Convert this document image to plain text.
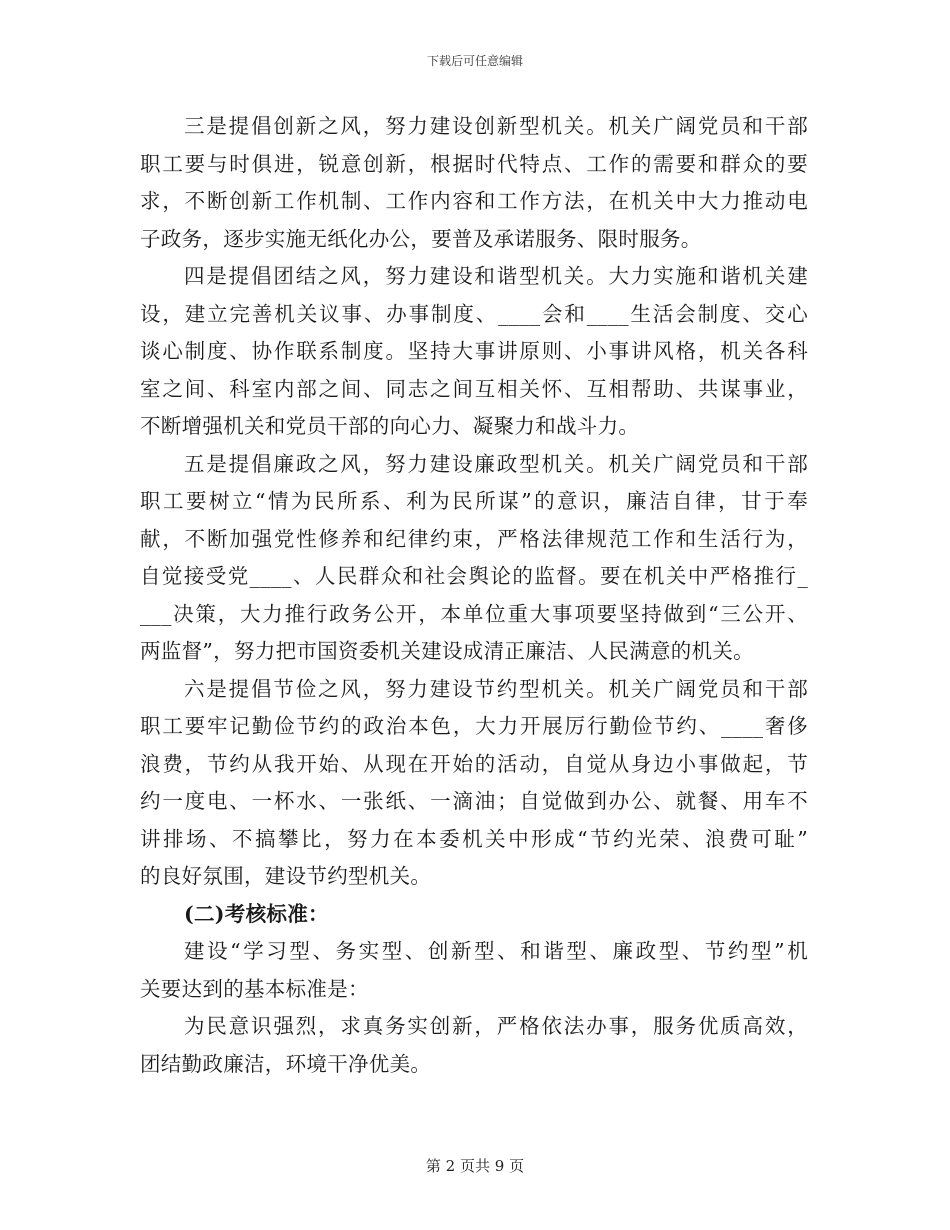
下载后可任意编辑

三是提倡创新之风，努力建设创新型机关。机关广阔党员和干部
职工要与时俱进，锐意创新，根据时代特点、工作的需要和群众的要
求，不断创新工作机制、工作内容和工作方法，在机关中大力推动电
子政务，逐步实施无纸化办公，要普及承诺服务、限时服务。

四是提倡团结之风，努力建设和谐型机关。大力实施和谐机关建
设，建立完善机关议事、办事制度、____会和____生活会制度、交心
谈心制度、协作联系制度。坚持大事讲原则、小事讲风格，机关各科
室之间、科室内部之间、同志之间互相关怀、互相帮助、共谋事业，
不断增强机关和党员干部的向心力、凝聚力和战斗力。

五是提倡廉政之风，努力建设廉政型机关。机关广阔党员和干部
职工要树立“情为民所系、利为民所谋”的意识，廉洁自律，甘于奉
献，不断加强党性修养和纪律约束，严格法律规范工作和生活行为，
自觉接受党____、人民群众和社会舆论的监督。要在机关中严格推行_
___决策，大力推行政务公开，本单位重大事项要坚持做到“三公开、
两监督”，努力把市国资委机关建设成清正廉洁、人民满意的机关。

六是提倡节俭之风，努力建设节约型机关。机关广阔党员和干部
职工要牢记勤俭节约的政治本色，大力开展厉行勤俭节约、____奢侈
浪费，节约从我开始、从现在开始的活动，自觉从身边小事做起，节
约一度电、一杯水、一张纸、一滴油；自觉做到办公、就餐、用车不
讲排场、不搞攀比，努力在本委机关中形成“节约光荣、浪费可耻”
的良好氛围，建设节约型机关。

(二)考核标准：

建设“学习型、务实型、创新型、和谐型、廉政型、节约型”机
关要达到的基本标准是：

为民意识强烈，求真务实创新，严格依法办事，服务优质高效，
团结勤政廉洁，环境干净优美。

第 2 页共 9 页
